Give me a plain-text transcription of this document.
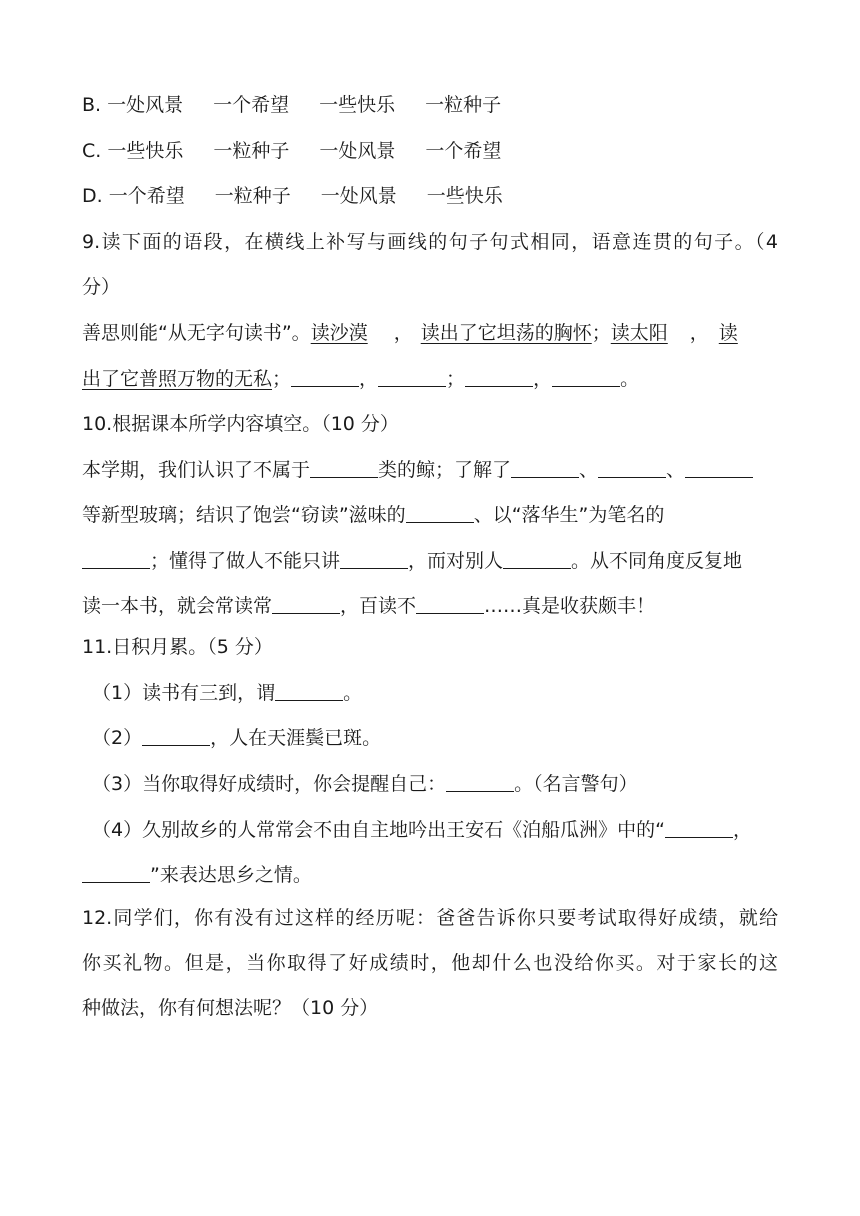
B. 一处风景 一个希望 一些快乐 一粒种子
C. 一些快乐 一粒种子 一处风景 一个希望
D. 一个希望 一粒种子 一处风景 一些快乐
9.读下面的语段，在横线上补写与画线的句子句式相同，语意连贯的句子。（4
分）
善思则能“从无字句读书”。读沙漠 ， 读出了它坦荡的胸怀；读太阳 ， 读
出了它普照万物的无私；	，	；	，	。
10.根据课本所学内容填空。（10 分）
本学期，我们认识了不属于	类的鲸；了解了	、	、
等新型玻璃；结识了饱尝“窃读”滋味的	、以“落华生”为笔名的
；懂得了做人不能只讲	，而对别人	。从不同角度反复地
读一本书，就会常读常	，百读不	……真是收获颇丰！
11.日积月累。（5 分）
（1）读书有三到，谓	。
（2）	，人在天涯鬓已斑。
（3）当你取得好成绩时，你会提醒自己：	。（名言警句）
（4）久别故乡的人常常会不由自主地吟出王安石《泊船瓜洲》中的“	，
”来表达思乡之情。
12.同学们，你有没有过这样的经历呢：爸爸告诉你只要考试取得好成绩，就给
你买礼物。但是，当你取得了好成绩时，他却什么也没给你买。对于家长的这
种做法，你有何想法呢？（10 分）
